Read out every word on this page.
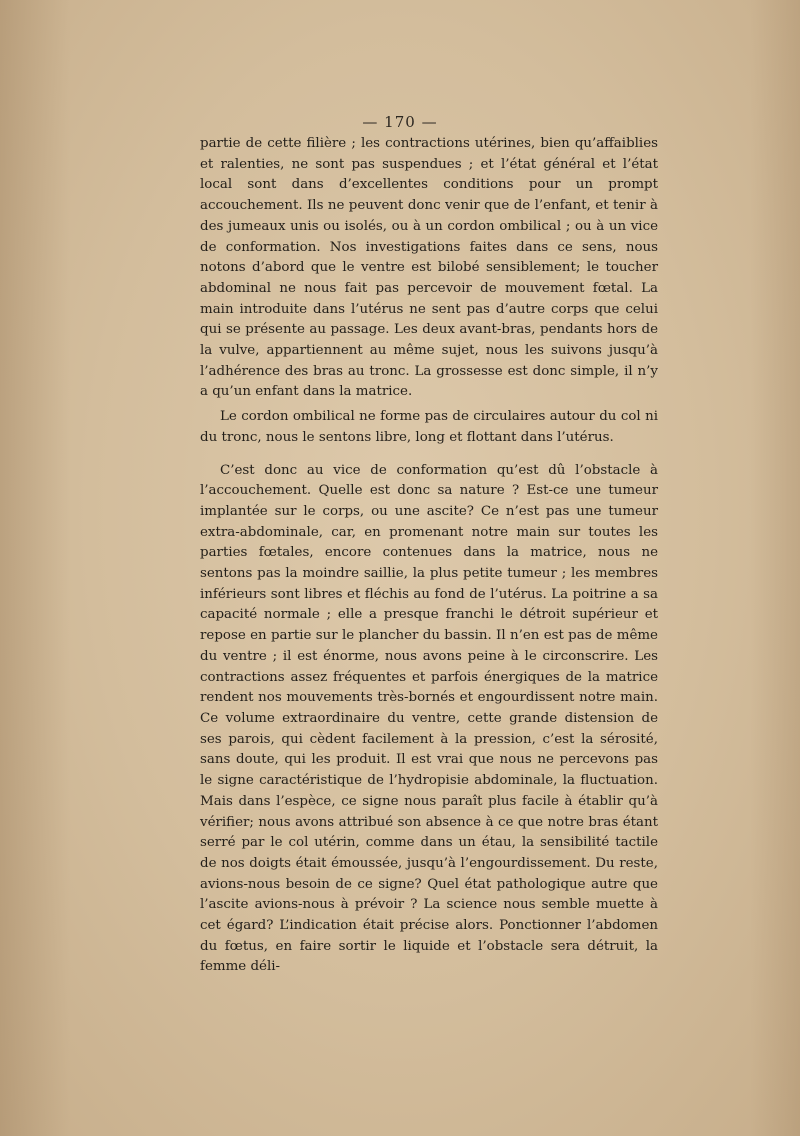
— 170 —

partie de cette filière ; les contractions utérines, bien qu’affaiblies et ralenties, ne sont pas suspendues ; et l’état général et l’état local sont dans d’excellentes conditions pour un prompt accouchement. Ils ne peuvent donc venir que de l’enfant, et tenir à des jumeaux unis ou isolés, ou à un cordon ombilical ; ou à un vice de conformation. Nos investigations faites dans ce sens, nous notons d’abord que le ventre est bilobé sensiblement; le toucher abdominal ne nous fait pas percevoir de mouvement fœtal. La main introduite dans l’utérus ne sent pas d’autre corps que celui qui se présente au passage. Les deux avant-bras, pendants hors de la vulve, appartiennent au même sujet, nous les suivons jusqu’à l’adhérence des bras au tronc. La grossesse est donc simple, il n’y a qu’un enfant dans la matrice.

Le cordon ombilical ne forme pas de circulaires autour du col ni du tronc, nous le sentons libre, long et flottant dans l’utérus.

C’est donc au vice de conformation qu’est dû l’obstacle à l’accouchement. Quelle est donc sa nature ? Est-ce une tumeur implantée sur le corps, ou une ascite? Ce n’est pas une tumeur extra-abdominale, car, en promenant notre main sur toutes les parties fœtales, encore contenues dans la matrice, nous ne sentons pas la moindre saillie, la plus petite tumeur ; les membres inférieurs sont libres et fléchis au fond de l’utérus. La poitrine a sa capacité normale ; elle a presque franchi le détroit supérieur et repose en partie sur le plancher du bassin. Il n’en est pas de même du ventre ; il est énorme, nous avons peine à le circonscrire. Les contractions assez fréquentes et parfois énergiques de la matrice rendent nos mouvements très-bornés et engourdissent notre main. Ce volume extraordinaire du ventre, cette grande distension de ses parois, qui cèdent facilement à la pression, c’est la sérosité, sans doute, qui les produit. Il est vrai que nous ne percevons pas le signe caractéristique de l’hydropisie abdominale, la fluctuation. Mais dans l’espèce, ce signe nous paraît plus facile à établir qu’à vérifier; nous avons attribué son absence à ce que notre bras étant serré par le col utérin, comme dans un étau, la sensibilité tactile de nos doigts était émoussée, jusqu’à l’engourdissement. Du reste, avions-nous besoin de ce signe? Quel état pathologique autre que l’ascite avions-nous à prévoir ? La science nous semble muette à cet égard? L’indication était précise alors. Ponctionner l’abdomen du fœtus, en faire sortir le liquide et l’obstacle sera détruit, la femme déli-
